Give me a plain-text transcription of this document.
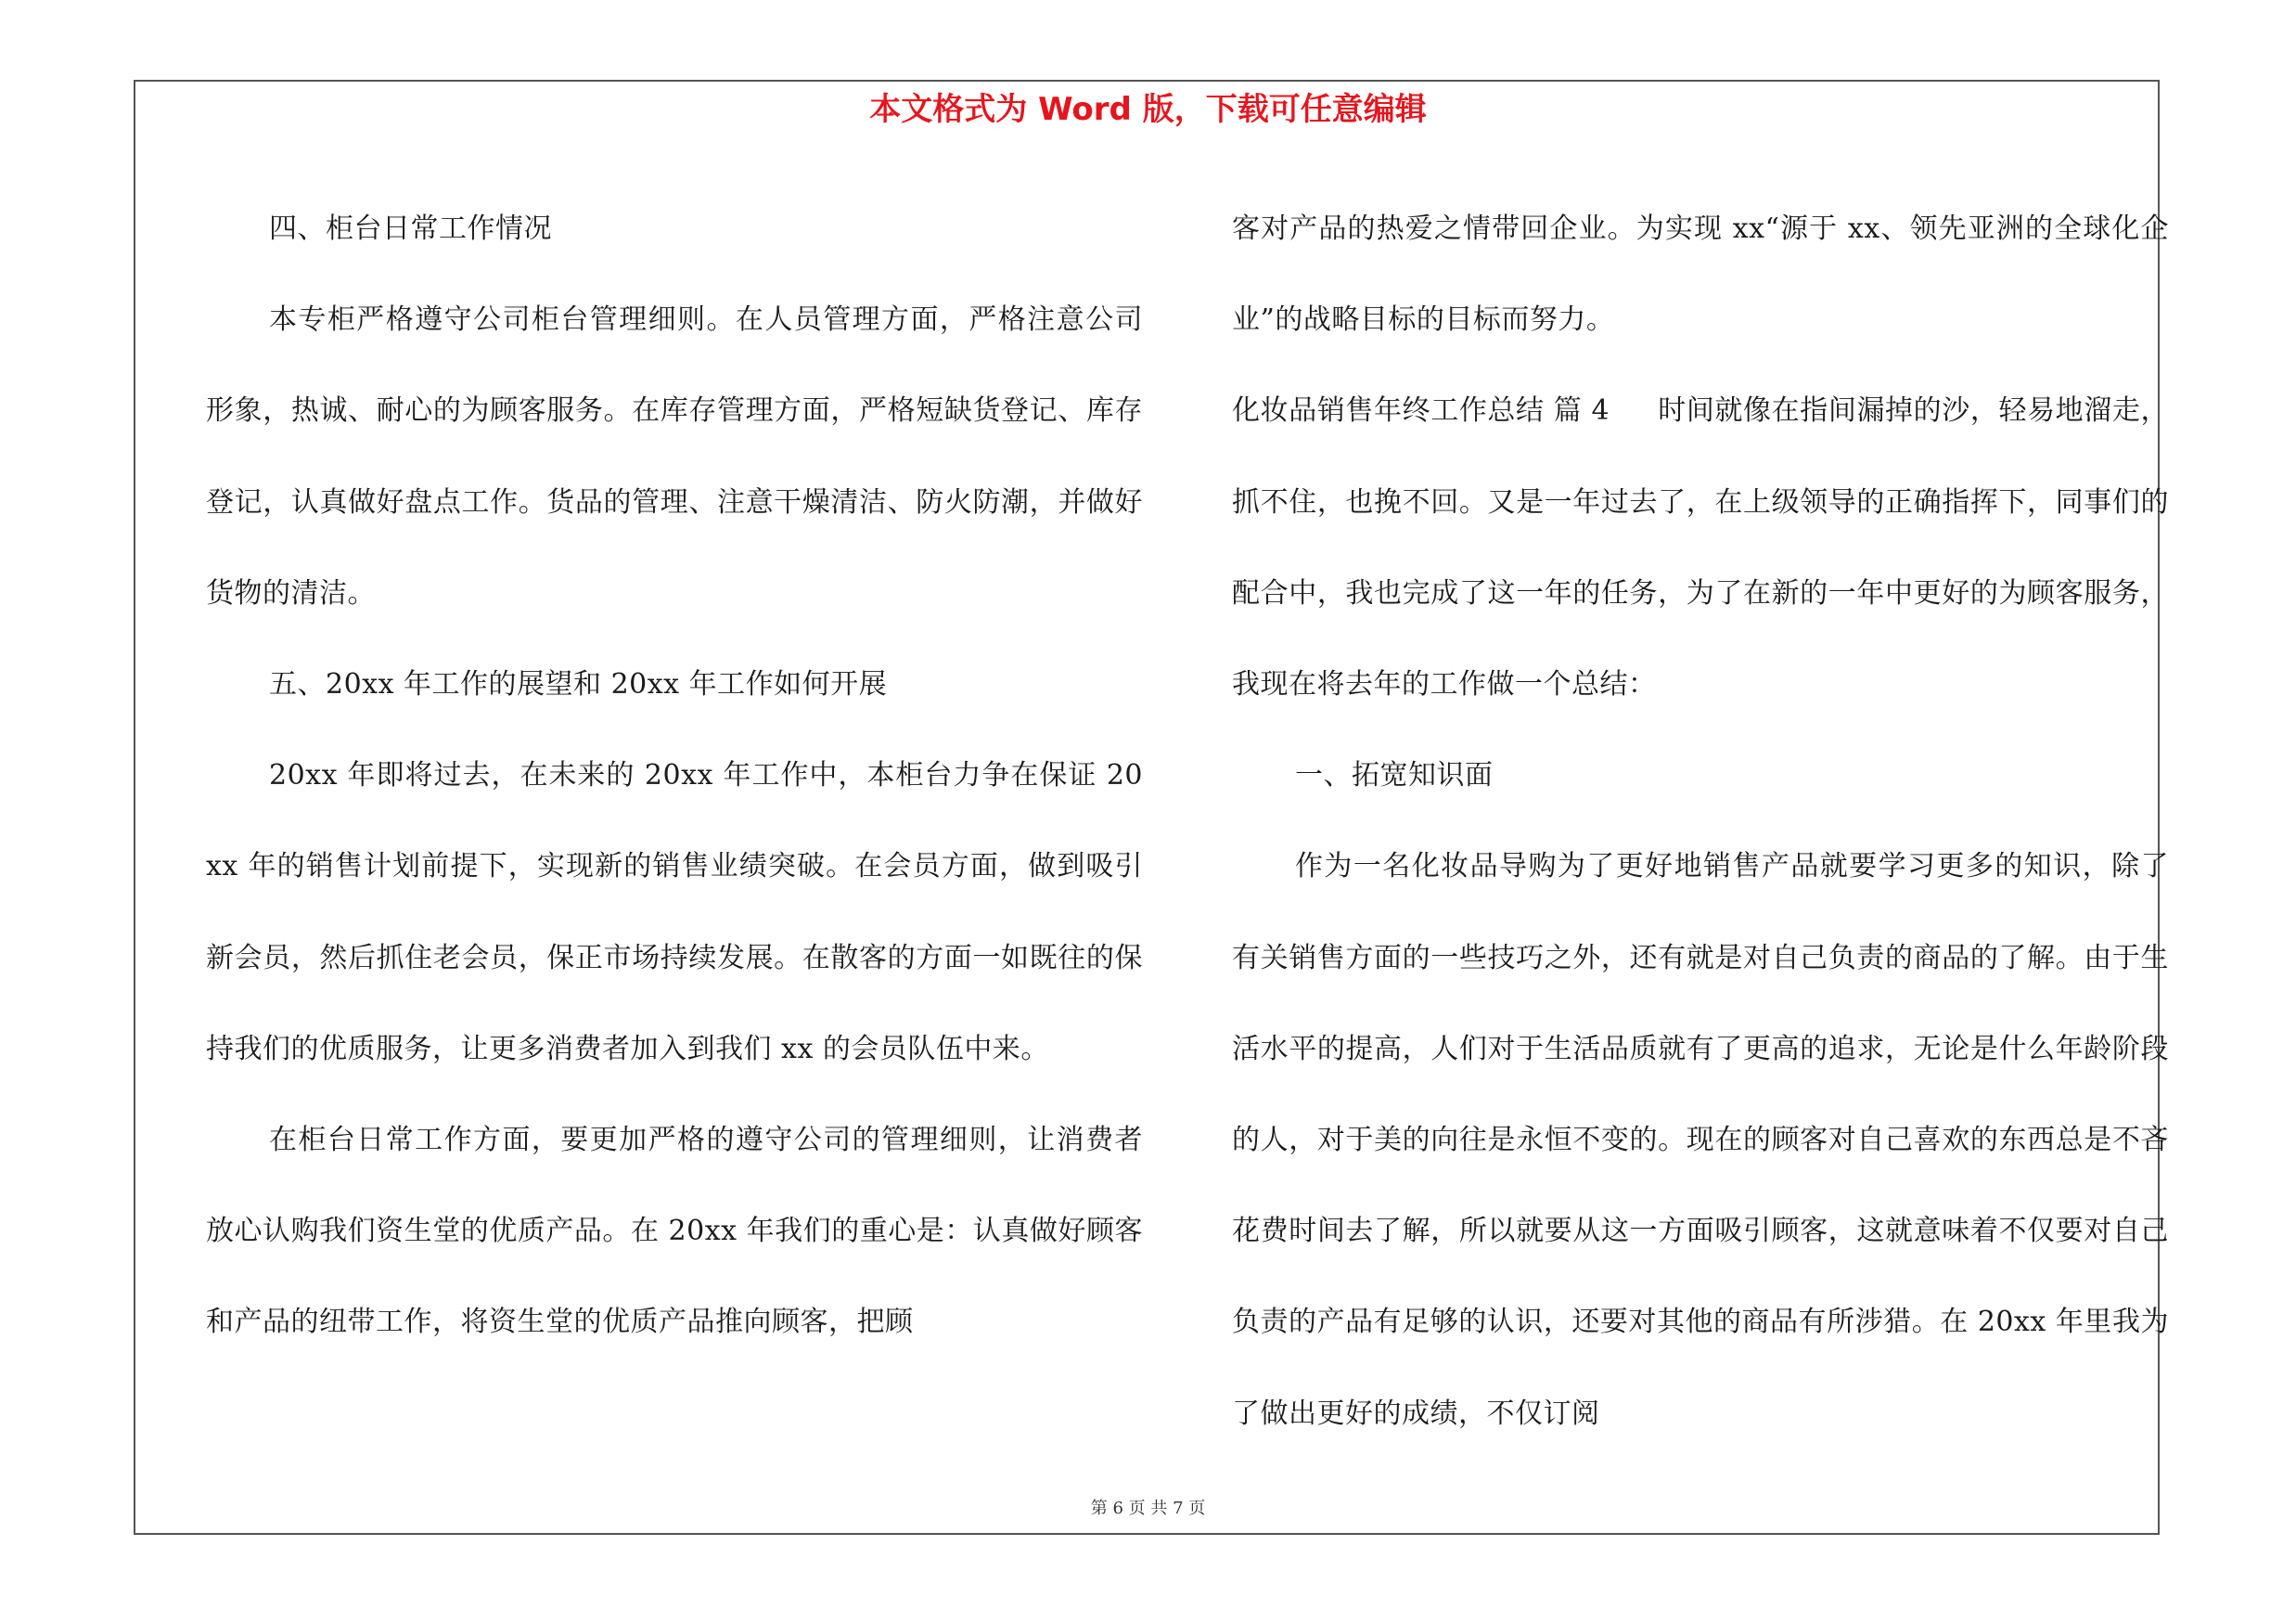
本文格式为 Word 版，下载可任意编辑

四、柜台日常工作情况

本专柜严格遵守公司柜台管理细则。在人员管理方面，严格注意公司形象，热诚、耐心的为顾客服务。在库存管理方面，严格短缺货登记、库存登记，认真做好盘点工作。货品的管理、注意干燥清洁、防火防潮，并做好货物的清洁。

五、20xx 年工作的展望和 20xx 年工作如何开展

20xx 年即将过去，在未来的 20xx 年工作中，本柜台力争在保证 20xx 年的销售计划前提下，实现新的销售业绩突破。在会员方面，做到吸引新会员，然后抓住老会员，保正市场持续发展。在散客的方面一如既往的保持我们的优质服务，让更多消费者加入到我们 xx 的会员队伍中来。

在柜台日常工作方面，要更加严格的遵守公司的管理细则，让消费者放心认购我们资生堂的优质产品。在 20xx 年我们的重心是：认真做好顾客和产品的纽带工作，将资生堂的优质产品推向顾客，把顾

客对产品的热爱之情带回企业。为实现 xx“源于 xx、领先亚洲的全球化企业”的战略目标的目标而努力。

化妆品销售年终工作总结 篇 4 时间就像在指间漏掉的沙，轻易地溜走，抓不住，也挽不回。又是一年过去了，在上级领导的正确指挥下，同事们的配合中，我也完成了这一年的任务，为了在新的一年中更好的为顾客服务，我现在将去年的工作做一个总结：

一、拓宽知识面

作为一名化妆品导购为了更好地销售产品就要学习更多的知识，除了有关销售方面的一些技巧之外，还有就是对自己负责的商品的了解。由于生活水平的提高，人们对于生活品质就有了更高的追求，无论是什么年龄阶段的人，对于美的向往是永恒不变的。现在的顾客对自己喜欢的东西总是不吝花费时间去了解，所以就要从这一方面吸引顾客，这就意味着不仅要对自己负责的产品有足够的认识，还要对其他的商品有所涉猎。在 20xx 年里我为了做出更好的成绩，不仅订阅

第 6 页 共 7 页
